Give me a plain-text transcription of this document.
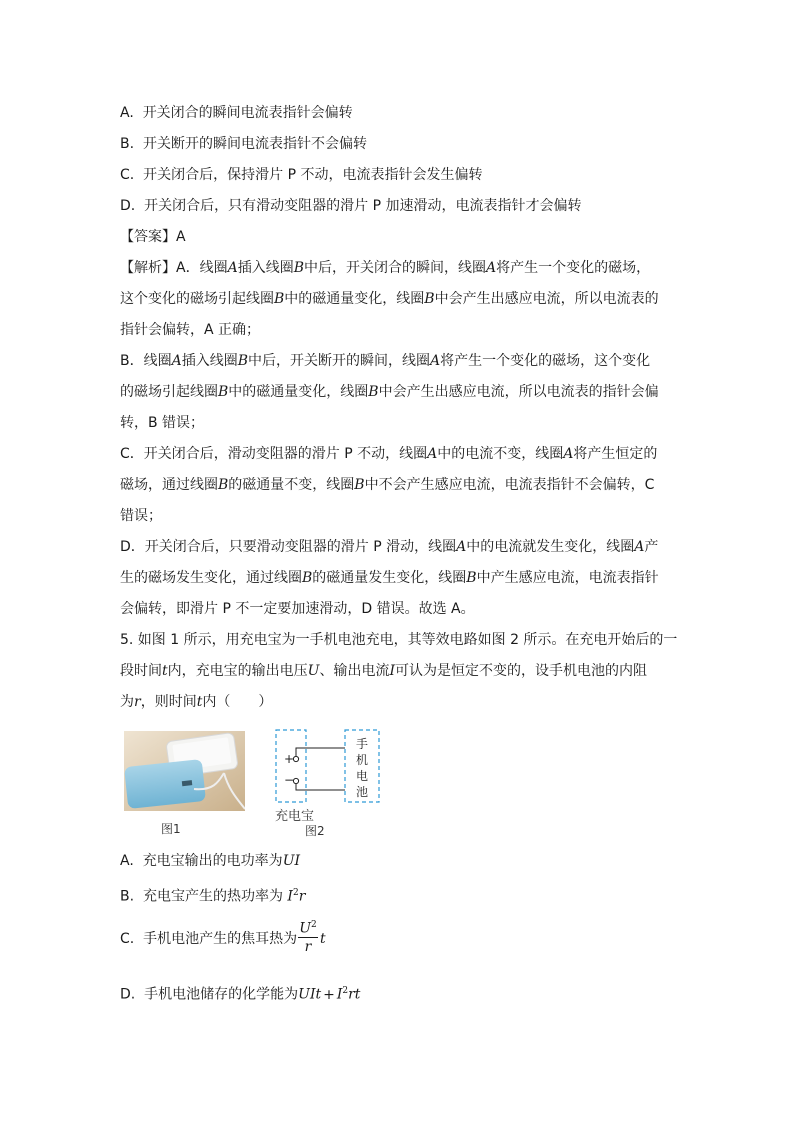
A. 开关闭合的瞬间电流表指针会偏转
B. 开关断开的瞬间电流表指针不会偏转
C. 开关闭合后，保持滑片 P 不动，电流表指针会发生偏转
D. 开关闭合后，只有滑动变阻器的滑片 P 加速滑动，电流表指针才会偏转
【答案】A
【解析】A．线圈A插入线圈B中后，开关闭合的瞬间，线圈A将产生一个变化的磁场，
这个变化的磁场引起线圈B中的磁通量变化，线圈B中会产生出感应电流，所以电流表的
指针会偏转，A 正确；
B．线圈A插入线圈B中后，开关断开的瞬间，线圈A将产生一个变化的磁场，这个变化
的磁场引起线圈B中的磁通量变化，线圈B中会产生出感应电流，所以电流表的指针会偏
转，B 错误；
C．开关闭合后，滑动变阻器的滑片 P 不动，线圈A中的电流不变，线圈A将产生恒定的
磁场，通过线圈B的磁通量不变，线圈B中不会产生感应电流，电流表指针不会偏转，C
错误；
D．开关闭合后，只要滑动变阻器的滑片 P 滑动，线圈A中的电流就发生变化，线圈A产
生的磁场发生变化，通过线圈B的磁通量发生变化，线圈B中产生感应电流，电流表指针
会偏转，即滑片 P 不一定要加速滑动，D 错误。故选 A。
5. 如图 1 所示，用充电宝为一手机电池充电，其等效电路如图 2 所示。在充电开始后的一
段时间t内，充电宝的输出电压U、输出电流I可认为是恒定不变的，设手机电池的内阻
为r，则时间t内（　　）
图1
+
−
手
机
电
池
充电宝
图2
A. 充电宝输出的电功率为UI
B. 充电宝产生的热功率为 $I^2r$
C. 手机电池产生的焦耳热为
$U^2$
r t
D. 手机电池储存的化学能为UIt + $I^2rt$
